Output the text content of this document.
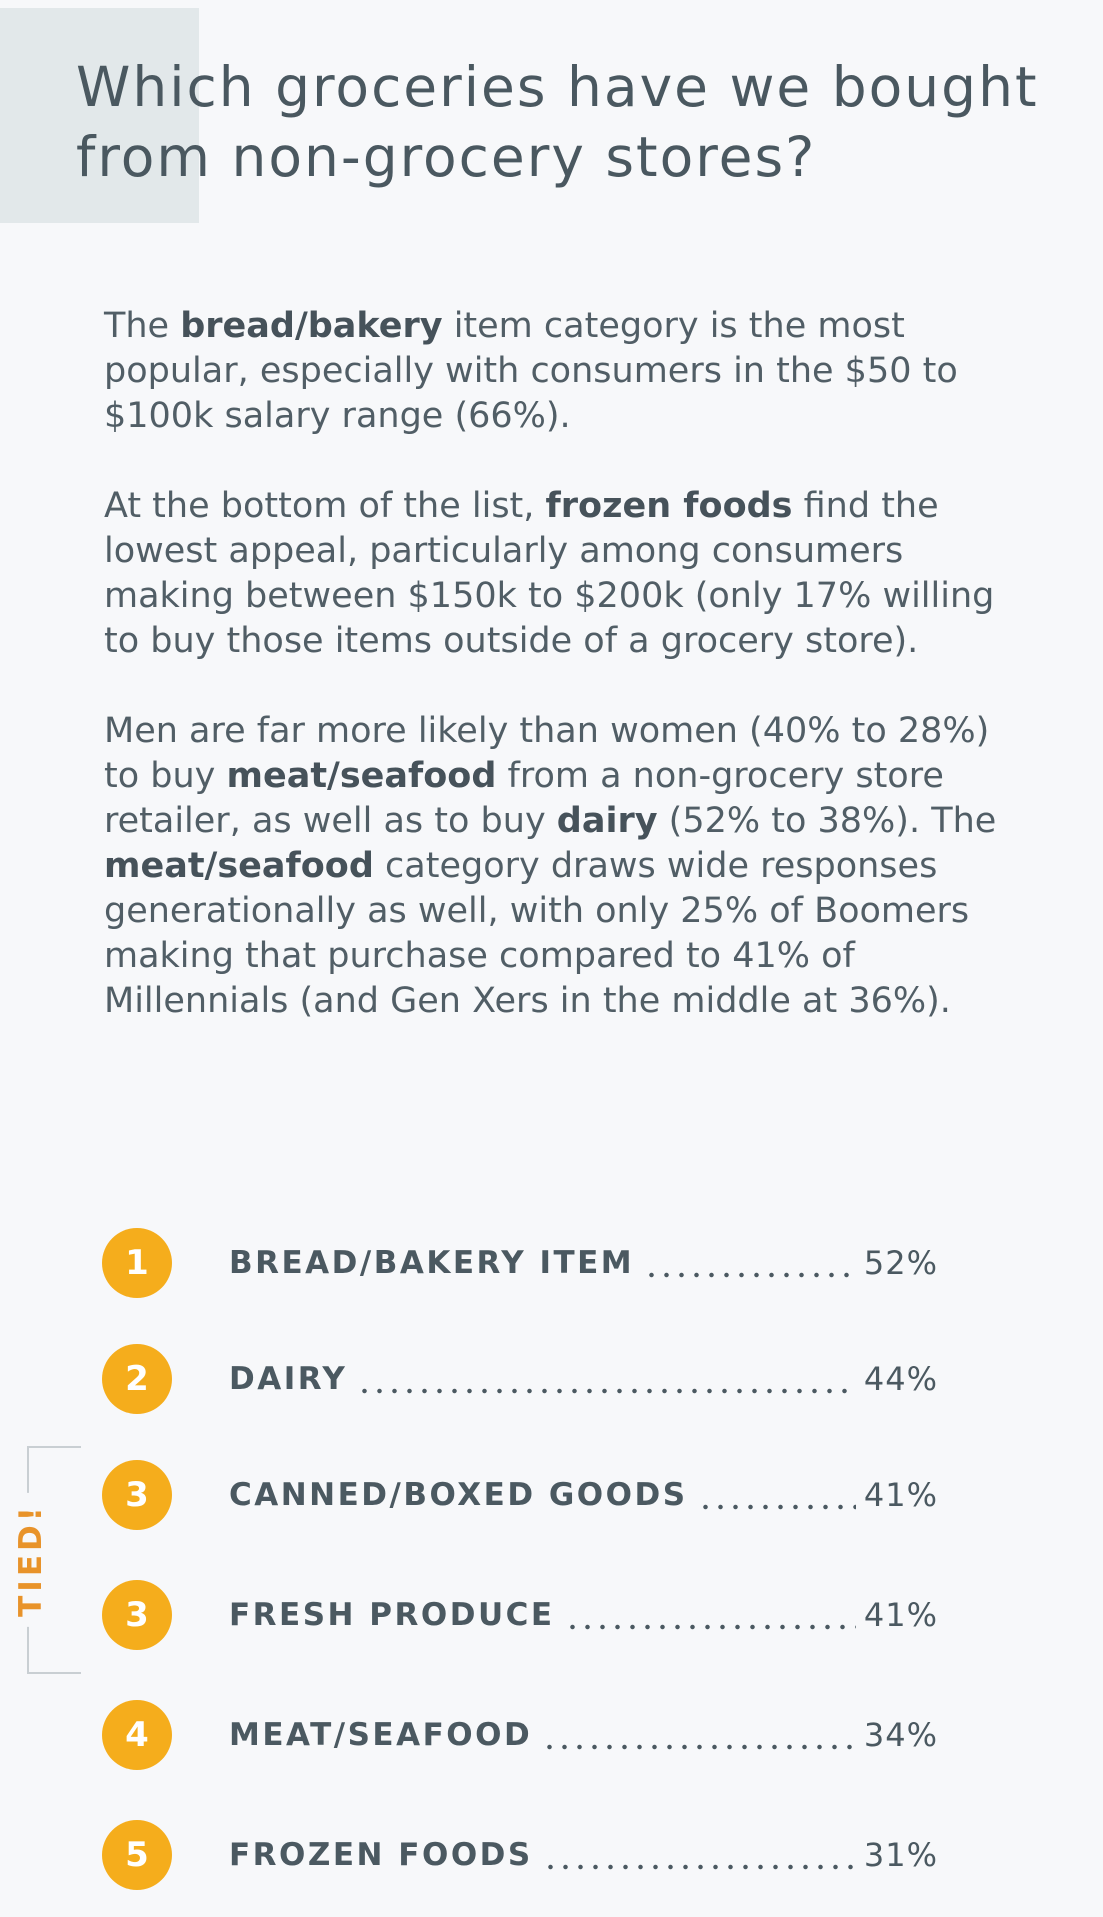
Which groceries have we bought from non-grocery stores?

The bread/bakery item category is the most popular, especially with consumers in the $50 to $100k salary range (66%).

At the bottom of the list, frozen foods find the lowest appeal, particularly among consumers making between $150k to $200k (only 17% willing to buy those items outside of a grocery store).

Men are far more likely than women (40% to 28%) to buy meat/seafood from a non-grocery store retailer, as well as to buy dairy (52% to 38%). The meat/seafood category draws wide responses generationally as well, with only 25% of Boomers making that purchase compared to 41% of Millennials (and Gen Xers in the middle at 36%).

TIED!
1	BREAD/BAKERY ITEM	52%
2	DAIRY	44%
3	CANNED/BOXED GOODS	41%
3	FRESH PRODUCE	41%
4	MEAT/SEAFOOD	34%
5	FROZEN FOODS	31%
